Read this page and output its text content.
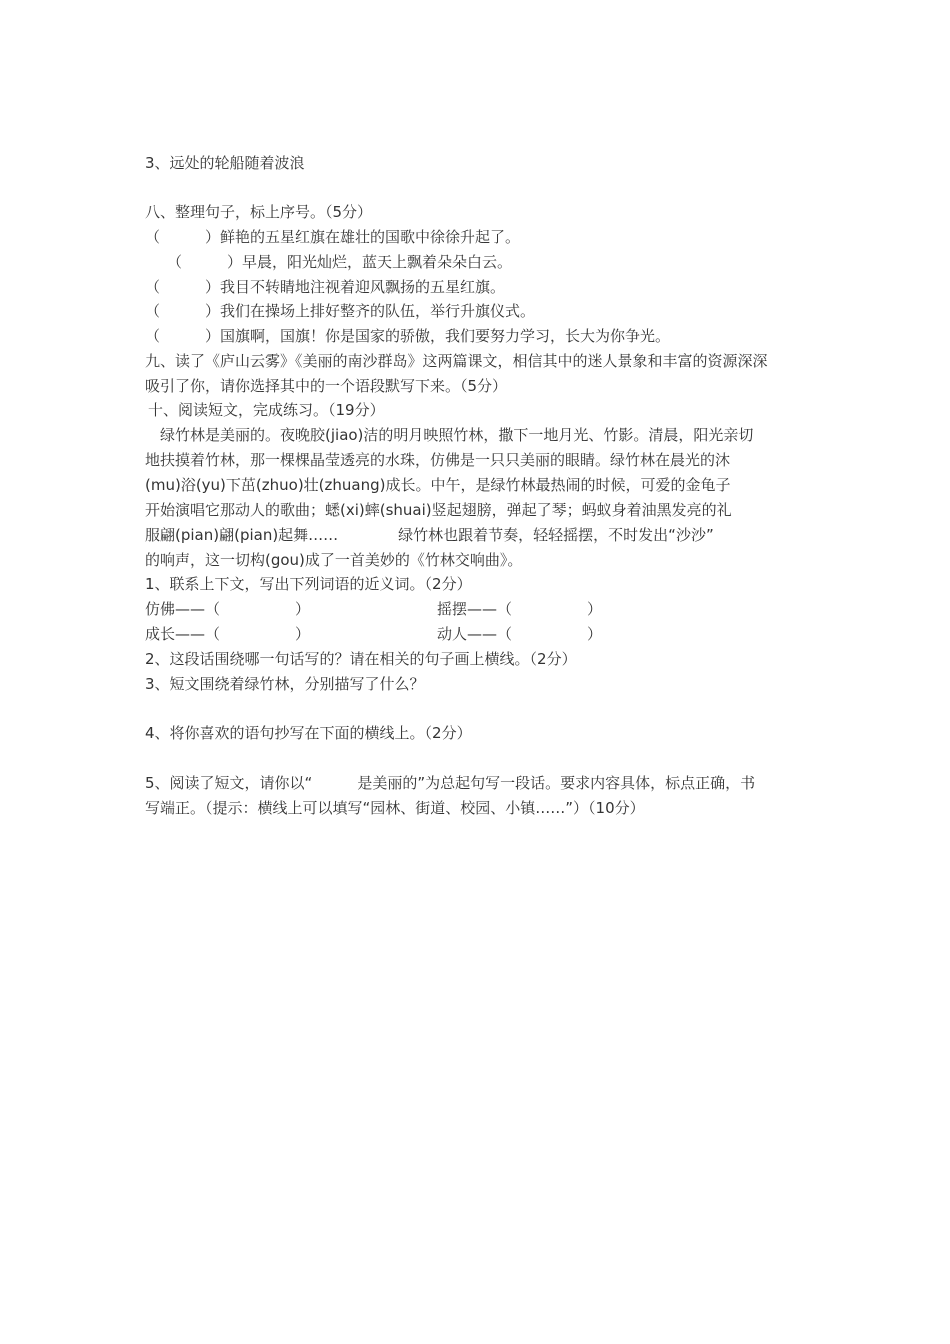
3、远处的轮船随着波浪
八、整理句子，标上序号。（5分）
（　　　）鲜艳的五星红旗在雄壮的国歌中徐徐升起了。
（　　　）早晨，阳光灿烂，蓝天上飘着朵朵白云。
（　　　）我目不转睛地注视着迎风飘扬的五星红旗。
（　　　）我们在操场上排好整齐的队伍，举行升旗仪式。
（　　　）国旗啊，国旗！你是国家的骄傲，我们要努力学习，长大为你争光。
九、读了《庐山云雾》《美丽的南沙群岛》这两篇课文，相信其中的迷人景象和丰富的资源深深
吸引了你，请你选择其中的一个语段默写下来。（5分）
十、阅读短文，完成练习。（19分）
　绿竹林是美丽的。夜晚胶(jiao)洁的明月映照竹林，撒下一地月光、竹影。清晨，阳光亲切
地扶摸着竹林，那一棵棵晶莹透亮的水珠，仿佛是一只只美丽的眼睛。绿竹林在晨光的沐
(mu)浴(yu)下茁(zhuo)壮(zhuang)成长。中午，是绿竹林最热闹的时候，可爱的金龟子
开始演唱它那动人的歌曲；蟋(xi)蟀(shuai)竖起翅膀，弹起了琴；蚂蚁身着油黑发亮的礼
服翩(pian)翩(pian)起舞……　　　　绿竹林也跟着节奏，轻轻摇摆，不时发出“沙沙”
的响声，这一切构(gou)成了一首美妙的《竹林交响曲》。
1、联系上下文，写出下列词语的近义词。（2分）
仿佛——（　　　　　）	摇摆——（　　　　　）
成长——（　　　　　）	动人——（　　　　　）
2、这段话围绕哪一句话写的？请在相关的句子画上横线。（2分）
3、短文围绕着绿竹林，分别描写了什么？
4、将你喜欢的语句抄写在下面的横线上。（2分）
5、阅读了短文，请你以“　　　是美丽的”为总起句写一段话。要求内容具体，标点正确，书
写端正。（提示：横线上可以填写“园林、街道、校园、小镇……”）（10分）
